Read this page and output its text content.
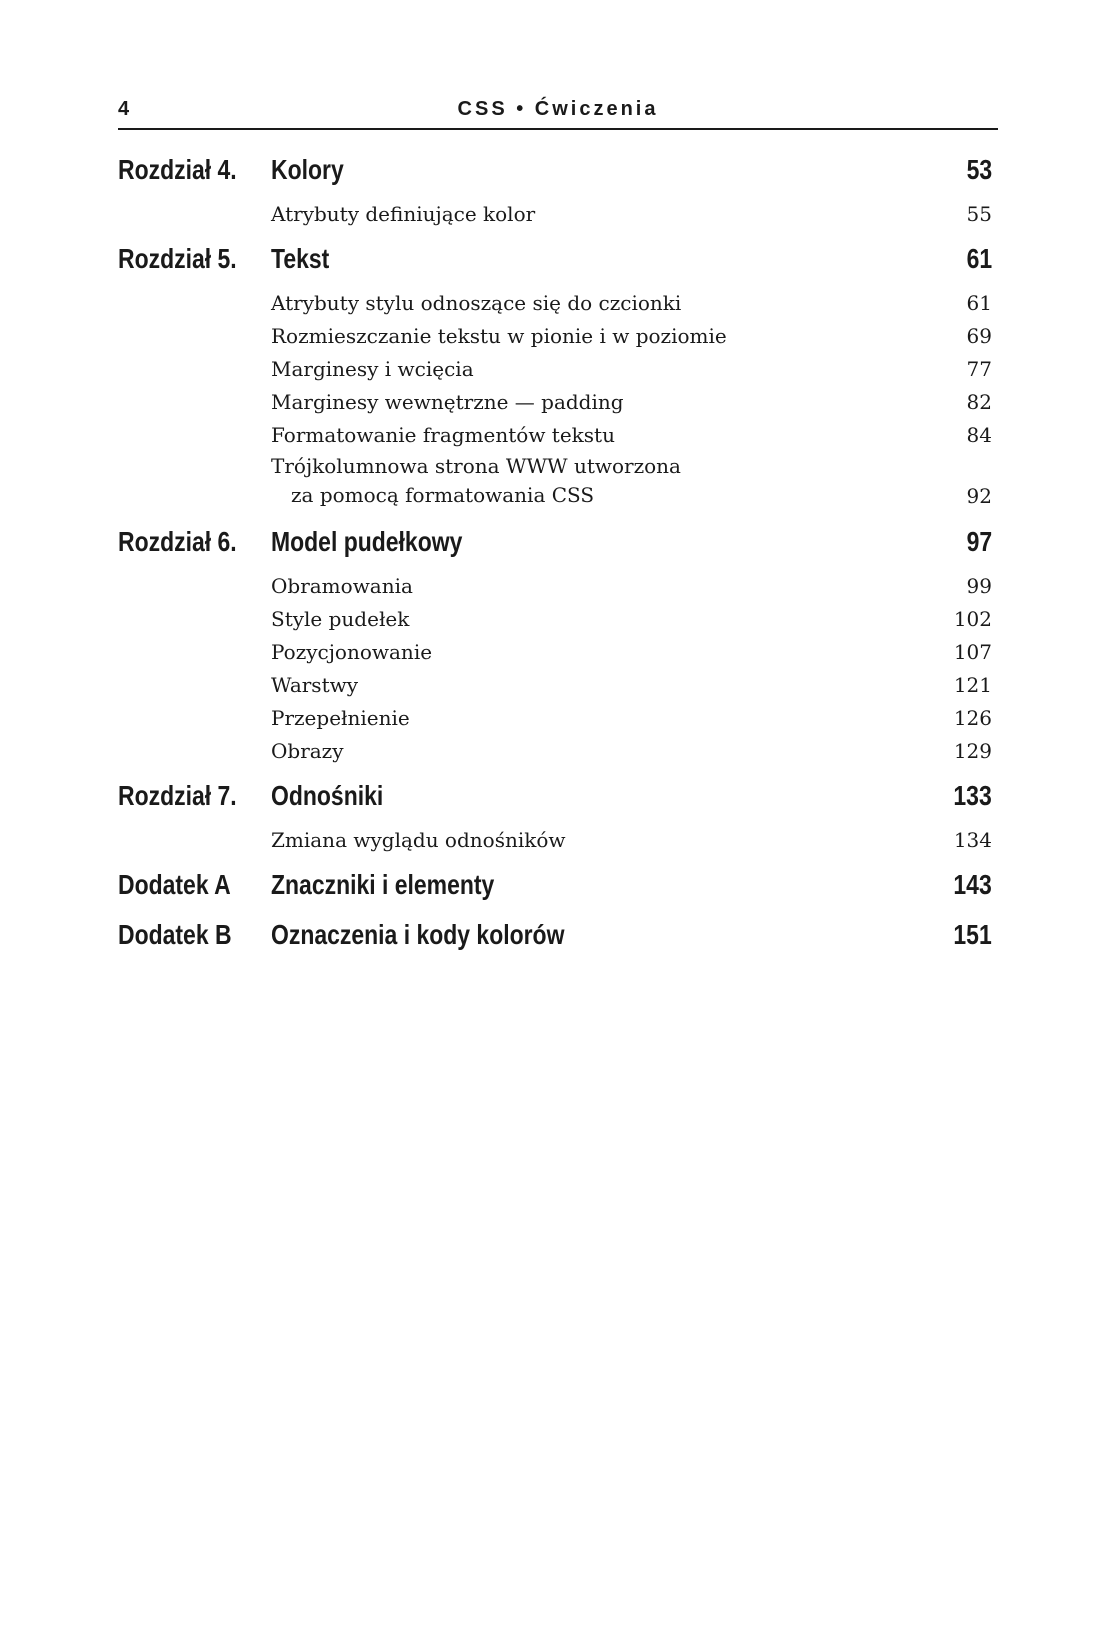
4	CSS • Ćwiczenia
Rozdział 4. Kolory	53
Atrybuty definiujące kolor	55
Rozdział 5. Tekst	61
Atrybuty stylu odnoszące się do czcionki	61
Rozmieszczanie tekstu w pionie i w poziomie	69
Marginesy i wcięcia	77
Marginesy wewnętrzne — padding	82
Formatowanie fragmentów tekstu	84
Trójkolumnowa strona WWW utworzona
za pomocą formatowania CSS	92
Rozdział 6. Model pudełkowy	97
Obramowania	99
Style pudełek	102
Pozycjonowanie	107
Warstwy	121
Przepełnienie	126
Obrazy	129
Rozdział 7. Odnośniki	133
Zmiana wyglądu odnośników	134
Dodatek A Znaczniki i elementy	143
Dodatek B Oznaczenia i kody kolorów	151
